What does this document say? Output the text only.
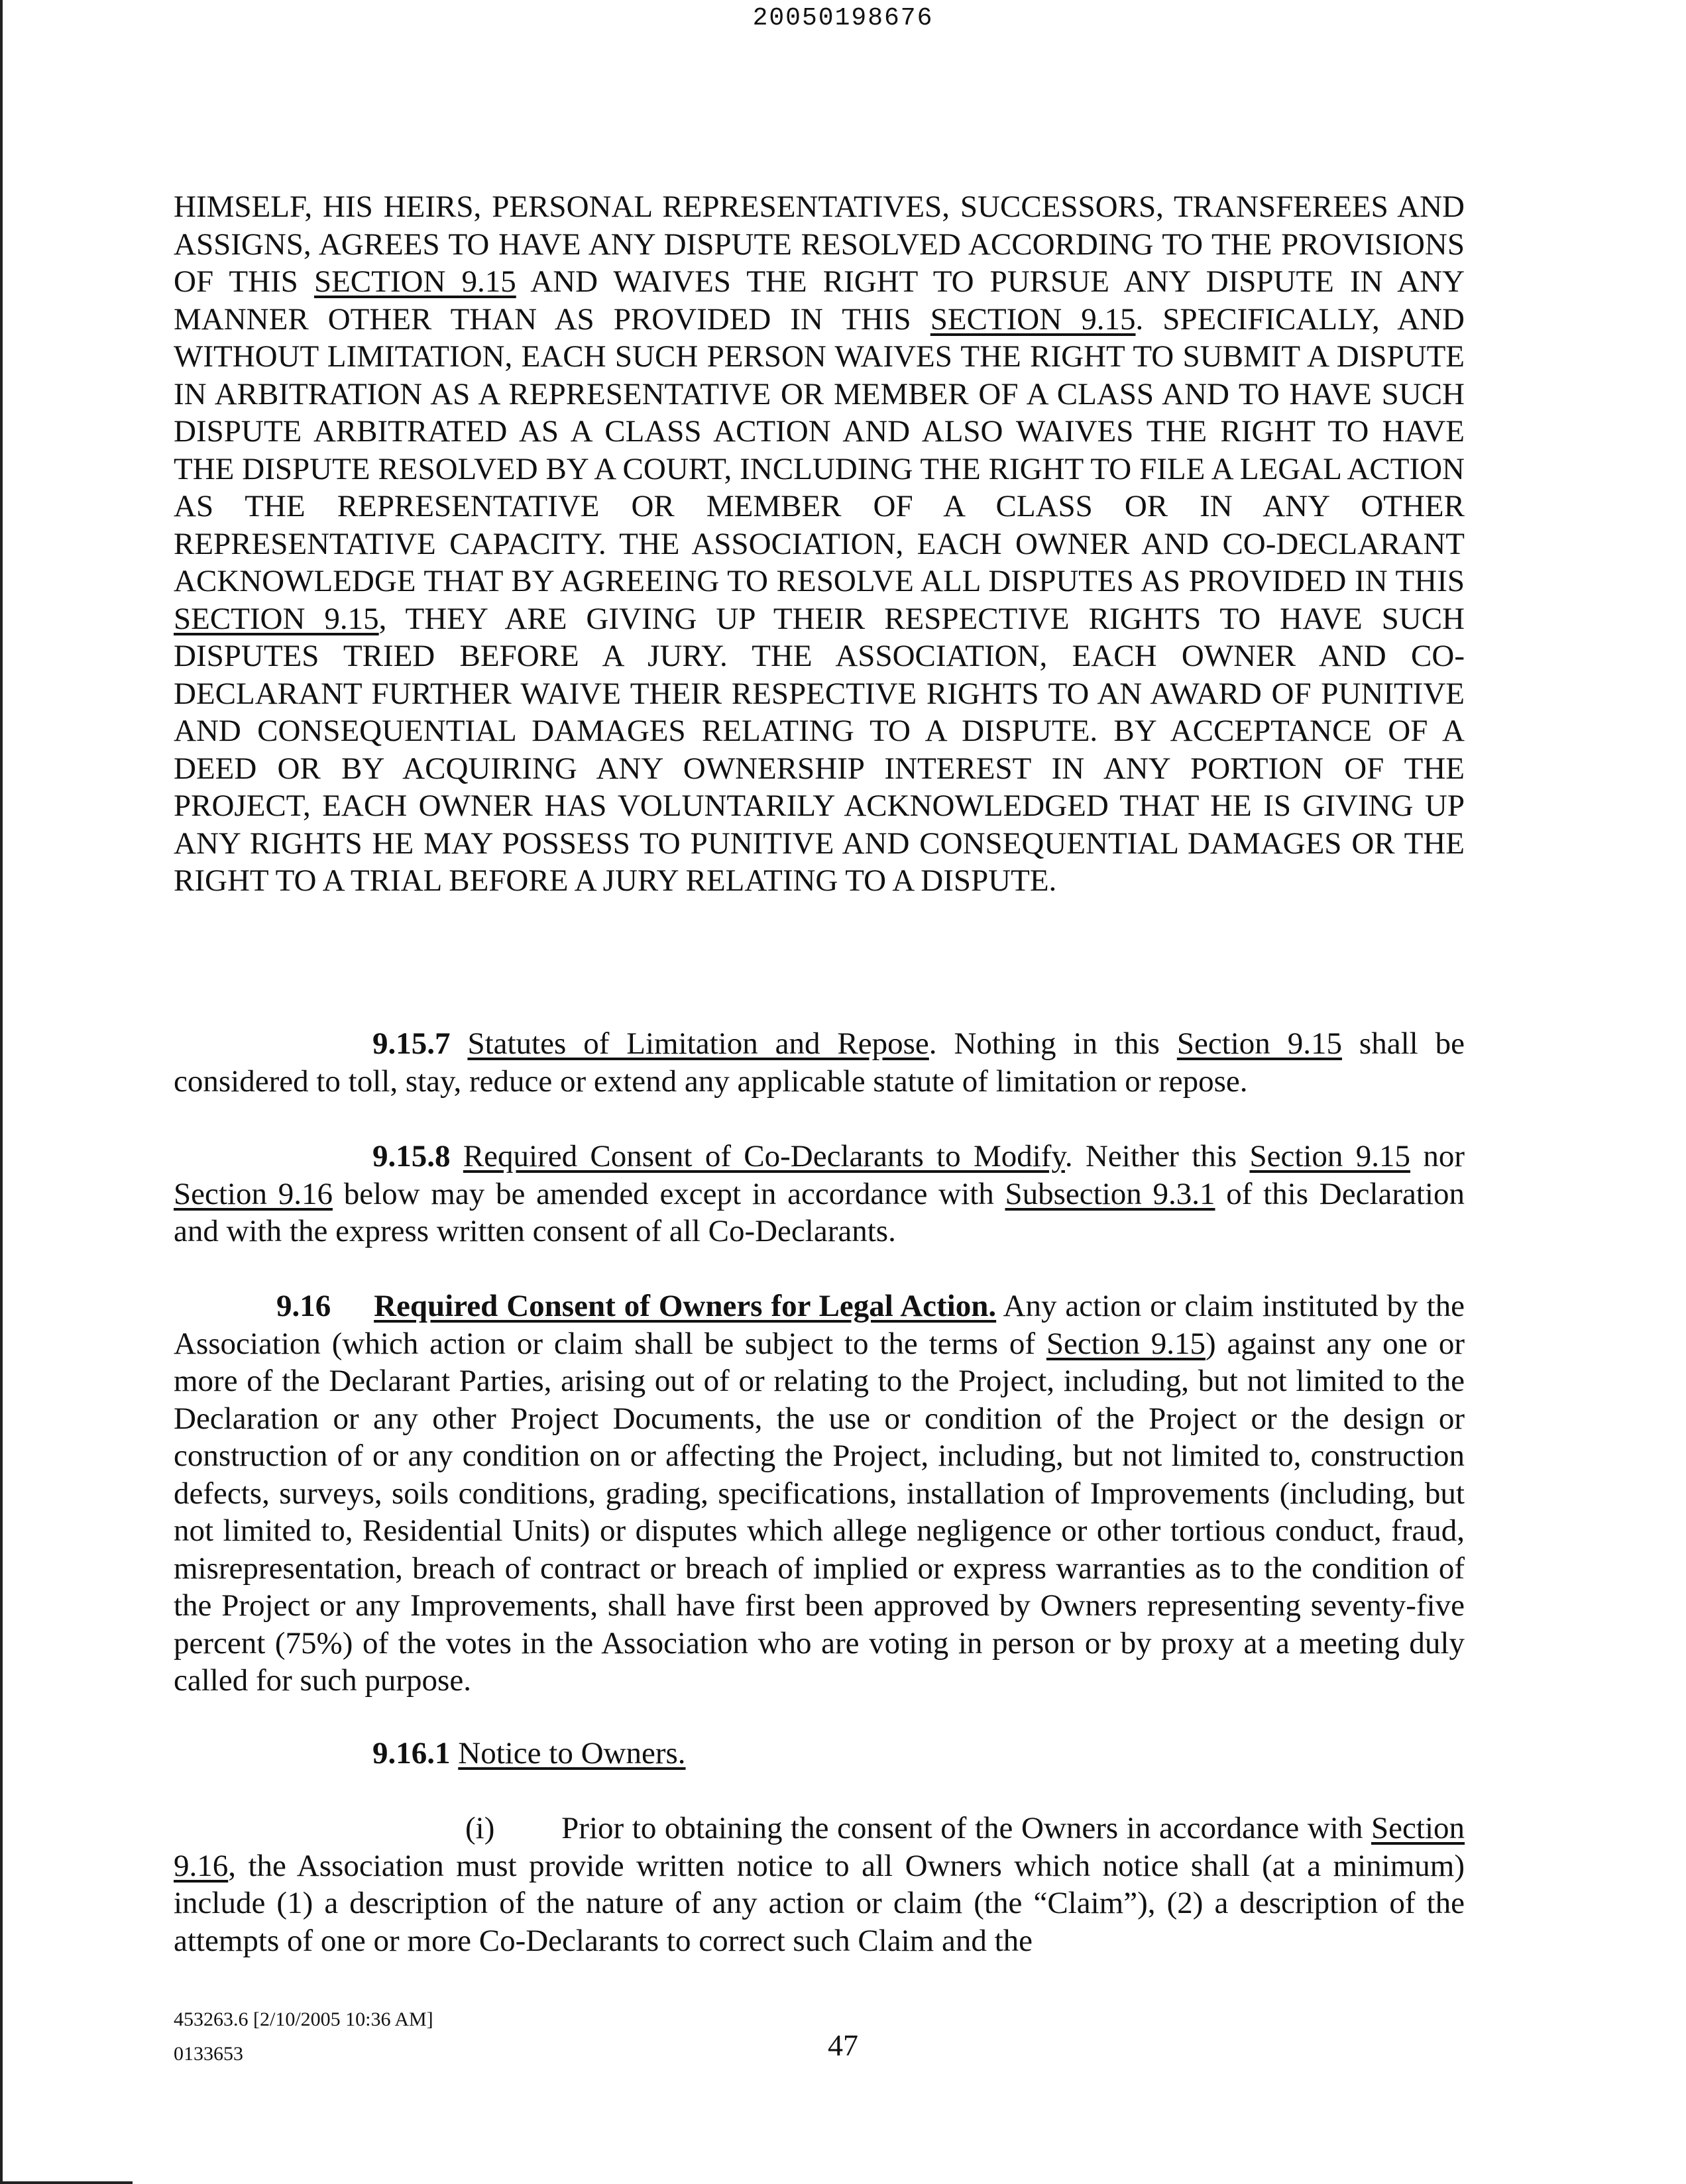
20050198676

HIMSELF, HIS HEIRS, PERSONAL REPRESENTATIVES, SUCCESSORS, TRANSFEREES AND ASSIGNS, AGREES TO HAVE ANY DISPUTE RESOLVED ACCORDING TO THE PROVISIONS OF THIS SECTION 9.15 AND WAIVES THE RIGHT TO PURSUE ANY DISPUTE IN ANY MANNER OTHER THAN AS PROVIDED IN THIS SECTION 9.15. SPECIFICALLY, AND WITHOUT LIMITATION, EACH SUCH PERSON WAIVES THE RIGHT TO SUBMIT A DISPUTE IN ARBITRATION AS A REPRESENTATIVE OR MEMBER OF A CLASS AND TO HAVE SUCH DISPUTE ARBITRATED AS A CLASS ACTION AND ALSO WAIVES THE RIGHT TO HAVE THE DISPUTE RESOLVED BY A COURT, INCLUDING THE RIGHT TO FILE A LEGAL ACTION AS THE REPRESENTATIVE OR MEMBER OF A CLASS OR IN ANY OTHER REPRESENTATIVE CAPACITY. THE ASSOCIATION, EACH OWNER AND CO-DECLARANT ACKNOWLEDGE THAT BY AGREEING TO RESOLVE ALL DISPUTES AS PROVIDED IN THIS SECTION 9.15, THEY ARE GIVING UP THEIR RESPECTIVE RIGHTS TO HAVE SUCH DISPUTES TRIED BEFORE A JURY. THE ASSOCIATION, EACH OWNER AND CO-DECLARANT FURTHER WAIVE THEIR RESPECTIVE RIGHTS TO AN AWARD OF PUNITIVE AND CONSEQUENTIAL DAMAGES RELATING TO A DISPUTE. BY ACCEPTANCE OF A DEED OR BY ACQUIRING ANY OWNERSHIP INTEREST IN ANY PORTION OF THE PROJECT, EACH OWNER HAS VOLUNTARILY ACKNOWLEDGED THAT HE IS GIVING UP ANY RIGHTS HE MAY POSSESS TO PUNITIVE AND CONSEQUENTIAL DAMAGES OR THE RIGHT TO A TRIAL BEFORE A JURY RELATING TO A DISPUTE.

9.15.7 Statutes of Limitation and Repose. Nothing in this Section 9.15 shall be considered to toll, stay, reduce or extend any applicable statute of limitation or repose.

9.15.8 Required Consent of Co-Declarants to Modify. Neither this Section 9.15 nor Section 9.16 below may be amended except in accordance with Subsection 9.3.1 of this Declaration and with the express written consent of all Co-Declarants.

9.16 Required Consent of Owners for Legal Action. Any action or claim instituted by the Association (which action or claim shall be subject to the terms of Section 9.15) against any one or more of the Declarant Parties, arising out of or relating to the Project, including, but not limited to the Declaration or any other Project Documents, the use or condition of the Project or the design or construction of or any condition on or affecting the Project, including, but not limited to, construction defects, surveys, soils conditions, grading, specifications, installation of Improvements (including, but not limited to, Residential Units) or disputes which allege negligence or other tortious conduct, fraud, misrepresentation, breach of contract or breach of implied or express warranties as to the condition of the Project or any Improvements, shall have first been approved by Owners representing seventy-five percent (75%) of the votes in the Association who are voting in person or by proxy at a meeting duly called for such purpose.

9.16.1 Notice to Owners.

(i) Prior to obtaining the consent of the Owners in accordance with Section 9.16, the Association must provide written notice to all Owners which notice shall (at a minimum) include (1) a description of the nature of any action or claim (the “Claim”), (2) a description of the attempts of one or more Co-Declarants to correct such Claim and the

453263.6 [2/10/2005 10:36 AM]
0133653	47
